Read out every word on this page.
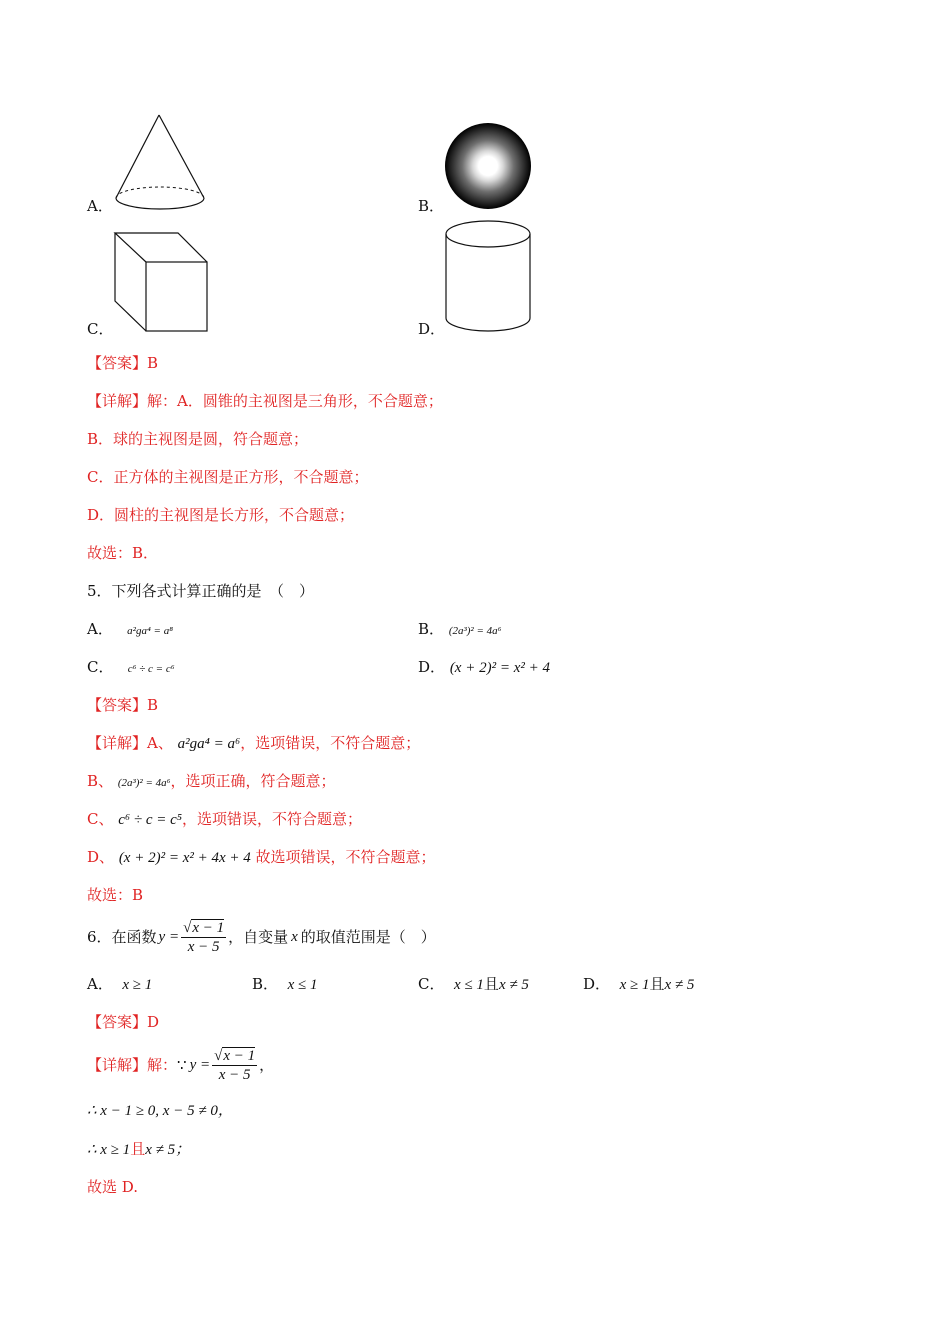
A．	B．
C．	D．
【答案】B
【详解】解：A．圆锥的主视图是三角形，不合题意；
B．球的主视图是圆，符合题意；
C．正方体的主视图是正方形，不合题意；
D．圆柱的主视图是长方形，不合题意；
故选：B．
5．下列各式计算正确的是　（　）
A． a²ga⁴ = a⁸	B． (2a³)² = 4a⁶
C． c⁶ ÷ c = c⁶	D． (x + 2)² = x² + 4
【答案】B
【详解】A、 a²ga⁴ = a⁶，选项错误，不符合题意；
B、 (2a³)² = 4a⁶，选项正确，符合题意；
C、 c⁶ ÷ c = c⁵，选项错误，不符合题意；
D、 (x + 2)² = x² + 4x + 4 故选项错误，不符合题意；
故选：B
6．在函数 $y = \frac{√x - 1}{x - 5}$ ，自变量 x 的取值范围是（　）
A． x ≥ 1	B． x ≤ 1	C． x ≤ 1且x ≠ 5	D． x ≥ 1且x ≠ 5
【答案】D
【详解】 解： ∵ $y = \frac{√x - 1}{x - 5}$ ，
∴ x − 1 ≥ 0, x − 5 ≠ 0，
∴ x ≥ 1且x ≠ 5；
故选 D.
